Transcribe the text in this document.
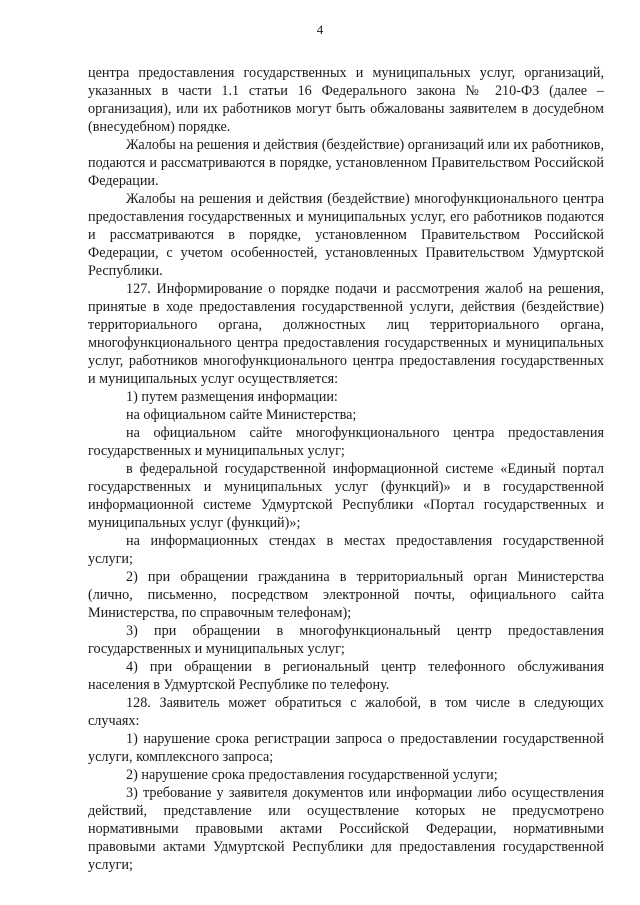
4

центра предоставления государственных и муниципальных услуг, организаций, указанных в части 1.1 статьи 16 Федерального закона № 210-ФЗ (далее – организация), или их работников могут быть обжалованы заявителем в досудебном (внесудебном) порядке.

Жалобы на решения и действия (бездействие) организаций или их работников, подаются и рассматриваются в порядке, установленном Правительством Российской Федерации.

Жалобы на решения и действия (бездействие) многофункционального центра предоставления государственных и муниципальных услуг, его работников подаются и рассматриваются в порядке, установленном Правительством Российской Федерации, с учетом особенностей, установленных Правительством Удмуртской Республики.

127. Информирование о порядке подачи и рассмотрения жалоб на решения, принятые в ходе предоставления государственной услуги, действия (бездействие) территориального органа, должностных лиц территориального органа, многофункционального центра предоставления государственных и муниципальных услуг, работников многофункционального центра предоставления государственных и муниципальных услуг осуществляется:

1) путем размещения информации:

на официальном сайте Министерства;

на официальном сайте многофункционального центра предоставления государственных и муниципальных услуг;

в федеральной государственной информационной системе «Единый портал государственных и муниципальных услуг (функций)» и в государственной информационной системе Удмуртской Республики «Портал государственных и муниципальных услуг (функций)»;

на информационных стендах в местах предоставления государственной услуги;

2) при обращении гражданина в территориальный орган Министерства (лично, письменно, посредством электронной почты, официального сайта Министерства, по справочным телефонам);

3) при обращении в многофункциональный центр предоставления государственных и муниципальных услуг;

4) при обращении в региональный центр телефонного обслуживания населения в Удмуртской Республике по телефону.

128. Заявитель может обратиться с жалобой, в том числе в следующих случаях:

1) нарушение срока регистрации запроса о предоставлении государственной услуги, комплексного запроса;

2) нарушение срока предоставления государственной услуги;

3) требование у заявителя документов или информации либо осуществления действий, представление или осуществление которых не предусмотрено нормативными правовыми актами Российской Федерации, нормативными правовыми актами Удмуртской Республики для предоставления государственной услуги;
